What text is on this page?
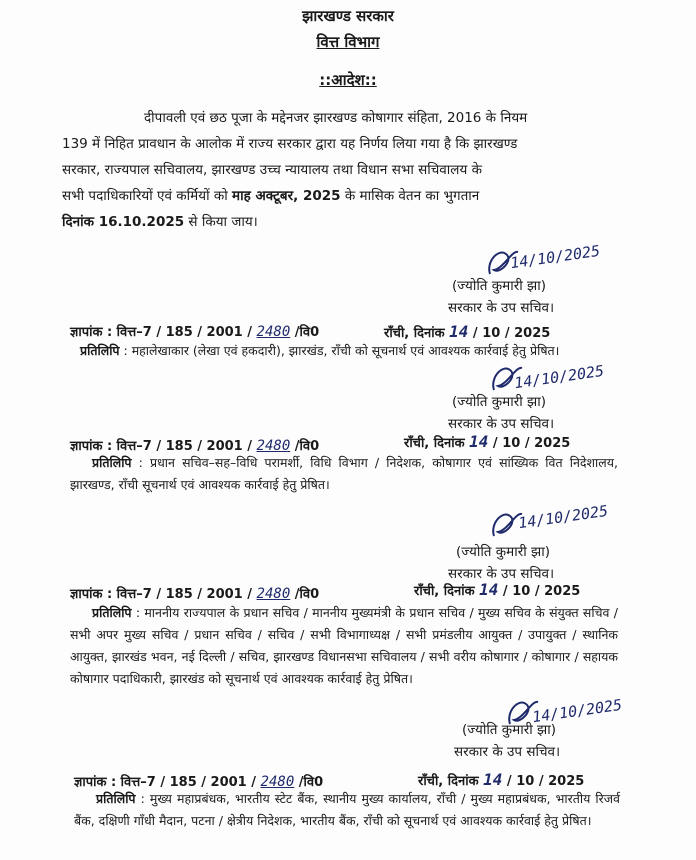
झारखण्ड सरकार
वित्त विभाग
::आदेश::

दीपावली एवं छठ पूजा के मद्देनजर झारखण्ड कोषागार संहिता, 2016 के नियम

139 में निहित प्रावधान के आलोक में राज्य सरकार द्वारा यह निर्णय लिया गया है कि झारखण्ड

सरकार, राज्यपाल सचिवालय, झारखण्ड उच्च न्यायालय तथा विधान सभा सचिवालय के

सभी पदाधिकारियों एवं कर्मियों को माह अक्टूबर, 2025 के मासिक वेतन का भुगतान

दिनांक 16.10.2025 से किया जाय।

14/10/2025
(ज्योति कुमारी झा)
सरकार के उप सचिव।
ज्ञापांक : वित्त–7 / 185 / 2001 / 2480 /वि0	राँची, दिनांक 14 / 10 / 2025
प्रतिलिपि : महालेखाकार (लेखा एवं हकदारी), झारखंड, राँची को सूचनार्थ एवं आवश्यक कार्रवाई हेतु प्रेषित।
14/10/2025
(ज्योति कुमारी झा)
सरकार के उप सचिव।
ज्ञापांक : वित्त–7 / 185 / 2001 / 2480 /वि0	राँची, दिनांक 14 / 10 / 2025
प्रतिलिपि : प्रधान सचिव–सह–विधि परामर्शी, विधि विभाग / निदेशक, कोषागार एवं सांख्यिक वित निदेशालय, झारखण्ड, राँची सूचनार्थ एवं आवश्यक कार्रवाई हेतु प्रेषित।
14/10/2025
(ज्योति कुमारी झा)
सरकार के उप सचिव।
ज्ञापांक : वित्त–7 / 185 / 2001 / 2480 /वि0	राँची, दिनांक 14 / 10 / 2025
प्रतिलिपि : माननीय राज्यपाल के प्रधान सचिव / माननीय मुख्यमंत्री के प्रधान सचिव / मुख्य सचिव के संयुक्त सचिव / सभी अपर मुख्य सचिव / प्रधान सचिव / सचिव / सभी विभागाध्यक्ष / सभी प्रमंडलीय आयुक्त / उपायुक्त / स्थानिक आयुक्त, झारखंड भवन, नई दिल्ली / सचिव, झारखण्ड विधानसभा सचिवालय / सभी वरीय कोषागार / कोषागार / सहायक कोषागार पदाधिकारी, झारखंड को सूचनार्थ एवं आवश्यक कार्रवाई हेतु प्रेषित।
14/10/2025
(ज्योति कुमारी झा)
सरकार के उप सचिव।
ज्ञापांक : वित्त–7 / 185 / 2001 / 2480 /वि0	राँची, दिनांक 14 / 10 / 2025
प्रतिलिपि : मुख्य महाप्रबंधक, भारतीय स्टेट बैंक, स्थानीय मुख्य कार्यालय, राँची / मुख्य महाप्रबंधक, भारतीय रिजर्व बैंक, दक्षिणी गाँधी मैदान, पटना / क्षेत्रीय निदेशक, भारतीय बैंक, राँची को सूचनार्थ एवं आवश्यक कार्रवाई हेतु प्रेषित।
